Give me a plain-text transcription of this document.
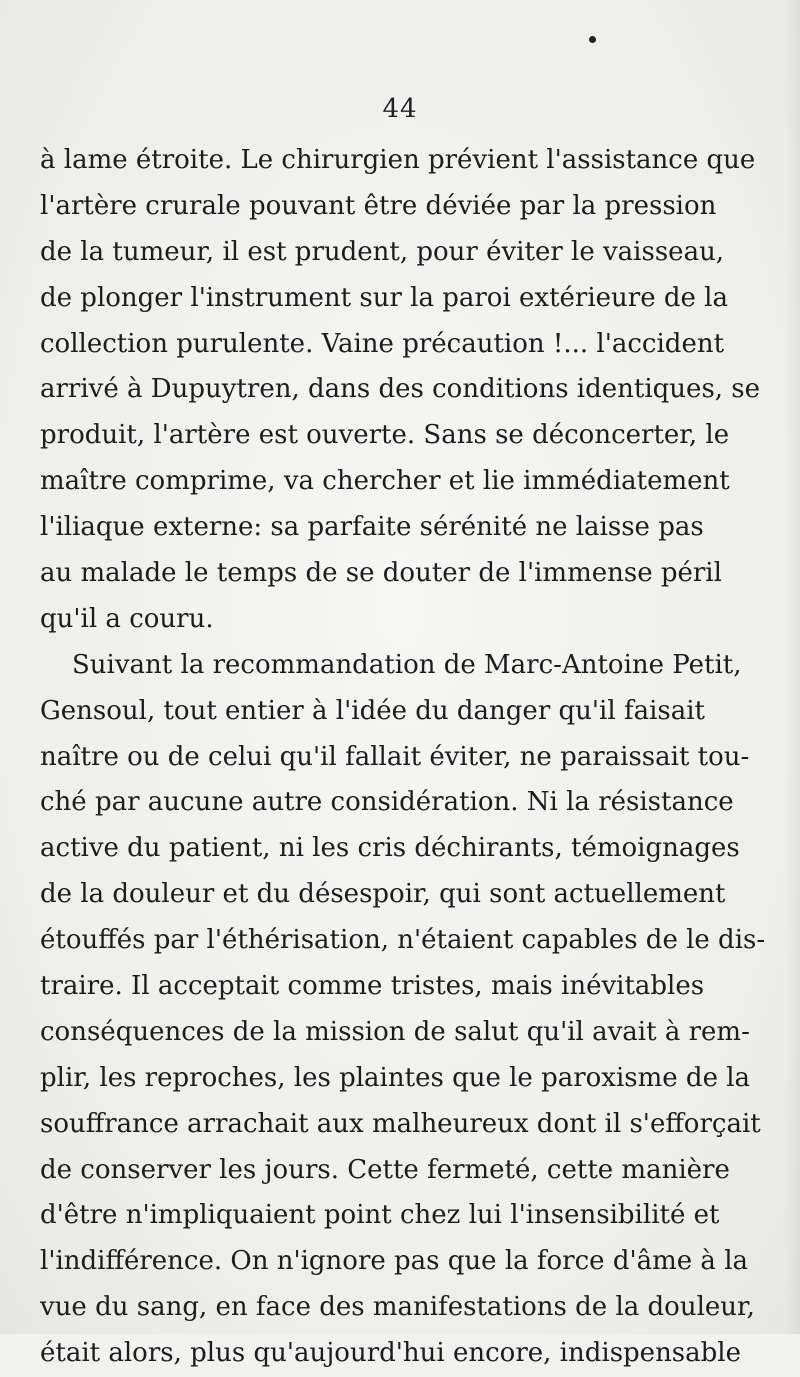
44
à lame étroite. Le chirurgien prévient l'assistance que
l'artère crurale pouvant être déviée par la pression
de la tumeur, il est prudent, pour éviter le vaisseau,
de plonger l'instrument sur la paroi extérieure de la
collection purulente. Vaine précaution !... l'accident
arrivé à Dupuytren, dans des conditions identiques, se
produit, l'artère est ouverte. Sans se déconcerter, le
maître comprime, va chercher et lie immédiatement
l'iliaque externe: sa parfaite sérénité ne laisse pas
au malade le temps de se douter de l'immense péril
qu'il a couru.
Suivant la recommandation de Marc-Antoine Petit,
Gensoul, tout entier à l'idée du danger qu'il faisait
naître ou de celui qu'il fallait éviter, ne paraissait tou-
ché par aucune autre considération. Ni la résistance
active du patient, ni les cris déchirants, témoignages
de la douleur et du désespoir, qui sont actuellement
étouffés par l'éthérisation, n'étaient capables de le dis-
traire. Il acceptait comme tristes, mais inévitables
conséquences de la mission de salut qu'il avait à rem-
plir, les reproches, les plaintes que le paroxisme de la
souffrance arrachait aux malheureux dont il s'efforçait
de conserver les jours. Cette fermeté, cette manière
d'être n'impliquaient point chez lui l'insensibilité et
l'indifférence. On n'ignore pas que la force d'âme à la
vue du sang, en face des manifestations de la douleur,
était alors, plus qu'aujourd'hui encore, indispensable
